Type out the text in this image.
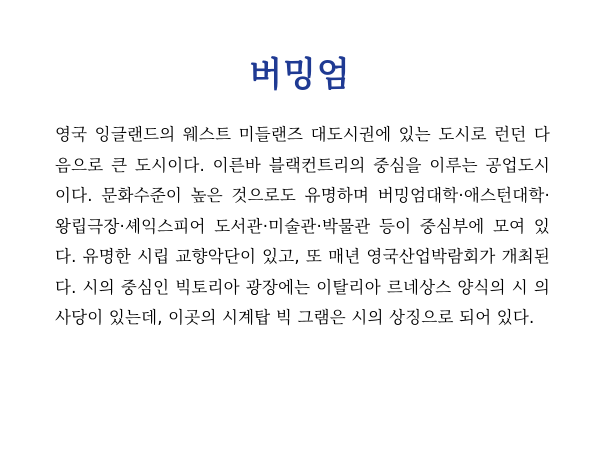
버밍엄
영국 잉글랜드의 웨스트 미들랜즈 대도시권에 있는 도시로 런던 다음으로 큰 도시이다. 이른바 블랙컨트리의 중심을 이루는 공업도시이다. 문화수준이 높은 것으로도 유명하며 버밍엄대학·애스턴대학·왕립극장·셰익스피어 도서관·미술관·박물관 등이 중심부에 모여 있다. 유명한 시립 교향악단이 있고, 또 매년 영국산업박람회가 개최된다. 시의 중심인 빅토리아 광장에는 이탈리아 르네상스 양식의 시 의사당이 있는데, 이곳의 시계탑 빅 그램은 시의 상징으로 되어 있다.
